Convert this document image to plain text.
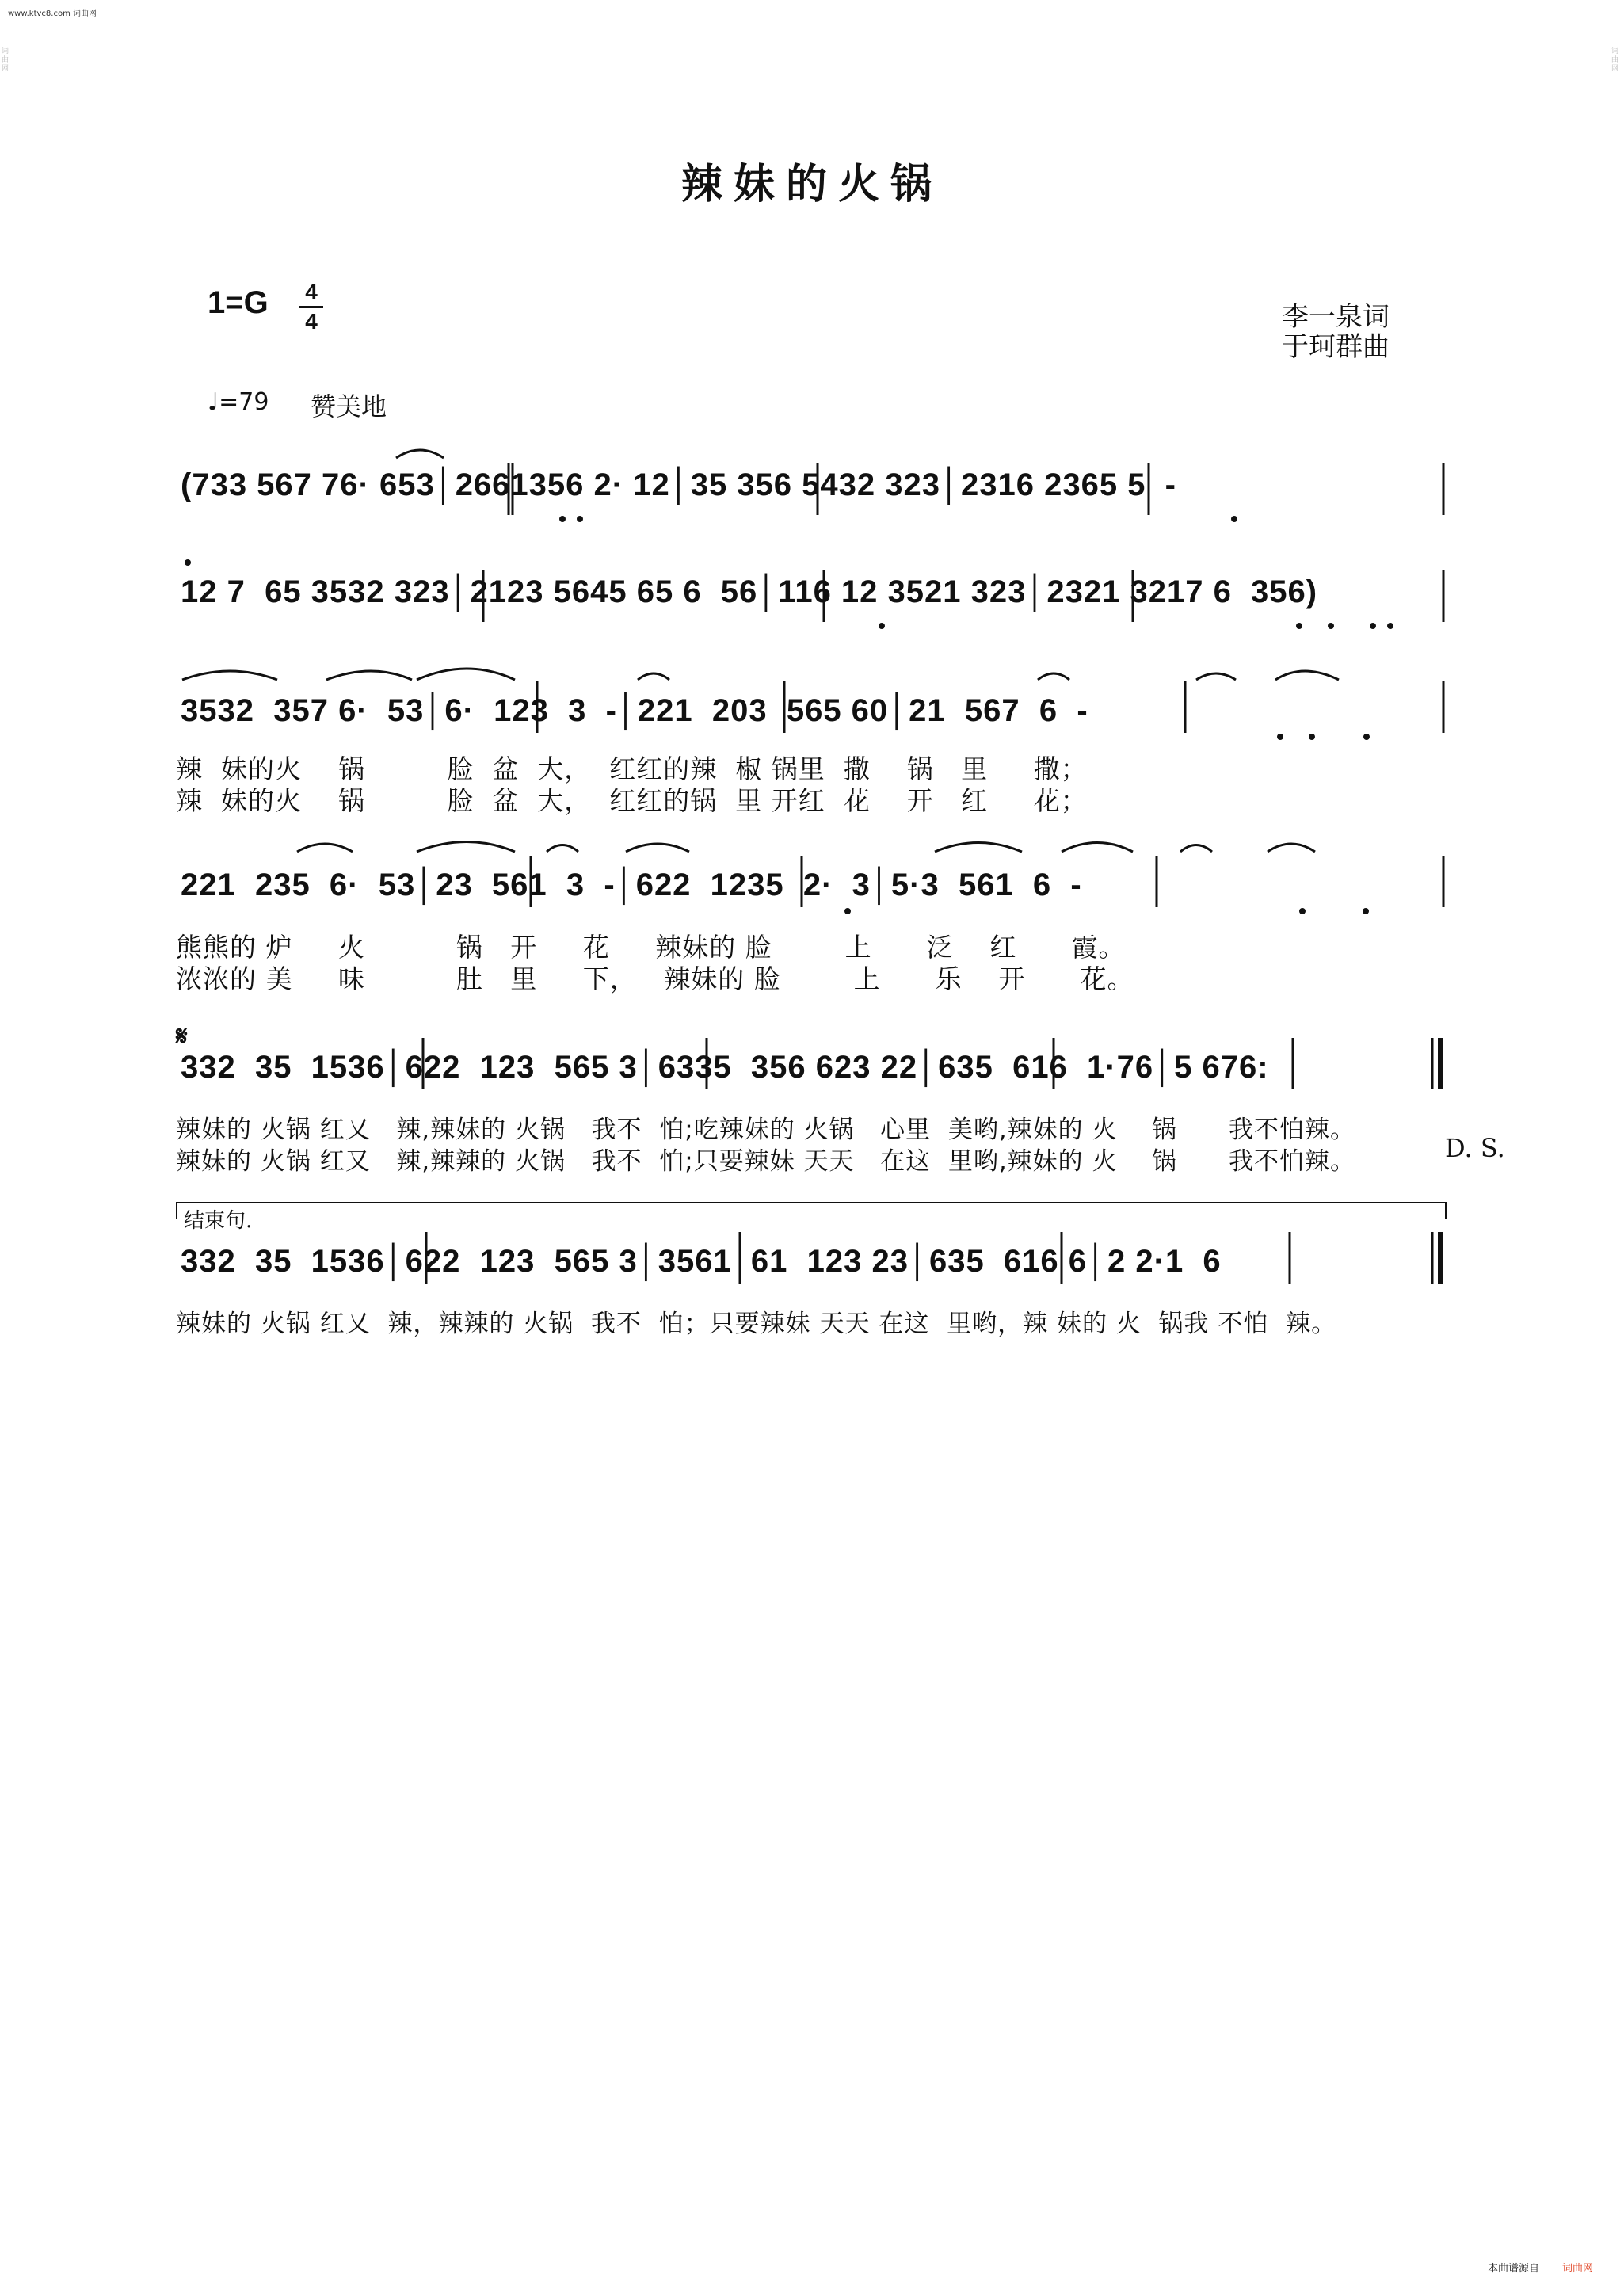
www.ktvc8.com 词曲网
词曲网
词曲网
辣妹的火锅
1=G 4
4	李一泉词
于珂群曲
♩=79 赞美地
(733 567 76· 653│2661356 2· 12│35 356 5432 323│2316 2365 5  -
12 7  65 3532 323│2123 5645 65 6  56│116 12 3521 323│2321 3217 6  356)
3532  357 6·  53│6·  123  3  -│221  203  565 60│21  567  6  -
辣  妹的火    锅         脸  盆  大，  红红的辣  椒 锅里  撒    锅   里     撒；
辣  妹的火    锅         脸  盆  大，  红红的锅  里 开红  花    开   红     花；
221  235  6·  53│23  561  3  -│622  1235  2·  3│5·3  561  6  -
熊熊的 炉     火          锅   开     花     辣妹的 脸        上      泛    红      霞。
浓浓的 美     味          肚   里     下，   辣妹的 脸        上      乐    开      花。
𝄋
332  35  1536│622  123  565 3│6335  356 623 22│635  616  1·76│5 676:
辣妹的 火锅 红又   辣,辣妹的 火锅   我不  怕;吃辣妹的 火锅   心里  美哟,辣妹的 火    锅      我不怕辣。
辣妹的 火锅 红又   辣,辣辣的 火锅   我不  怕;只要辣妹 天天   在这  里哟,辣妹的 火    锅      我不怕辣。	D. S.
结束句.
332  35  1536│622  123  565 3│3561  61  123 23│635  616 6│2 2·1  6
辣妹的 火锅 红又  辣，辣辣的 火锅  我不  怕；只要辣妹 天天 在这  里哟，辣 妹的 火  锅我 不怕  辣。
本曲谱源自 词曲网
